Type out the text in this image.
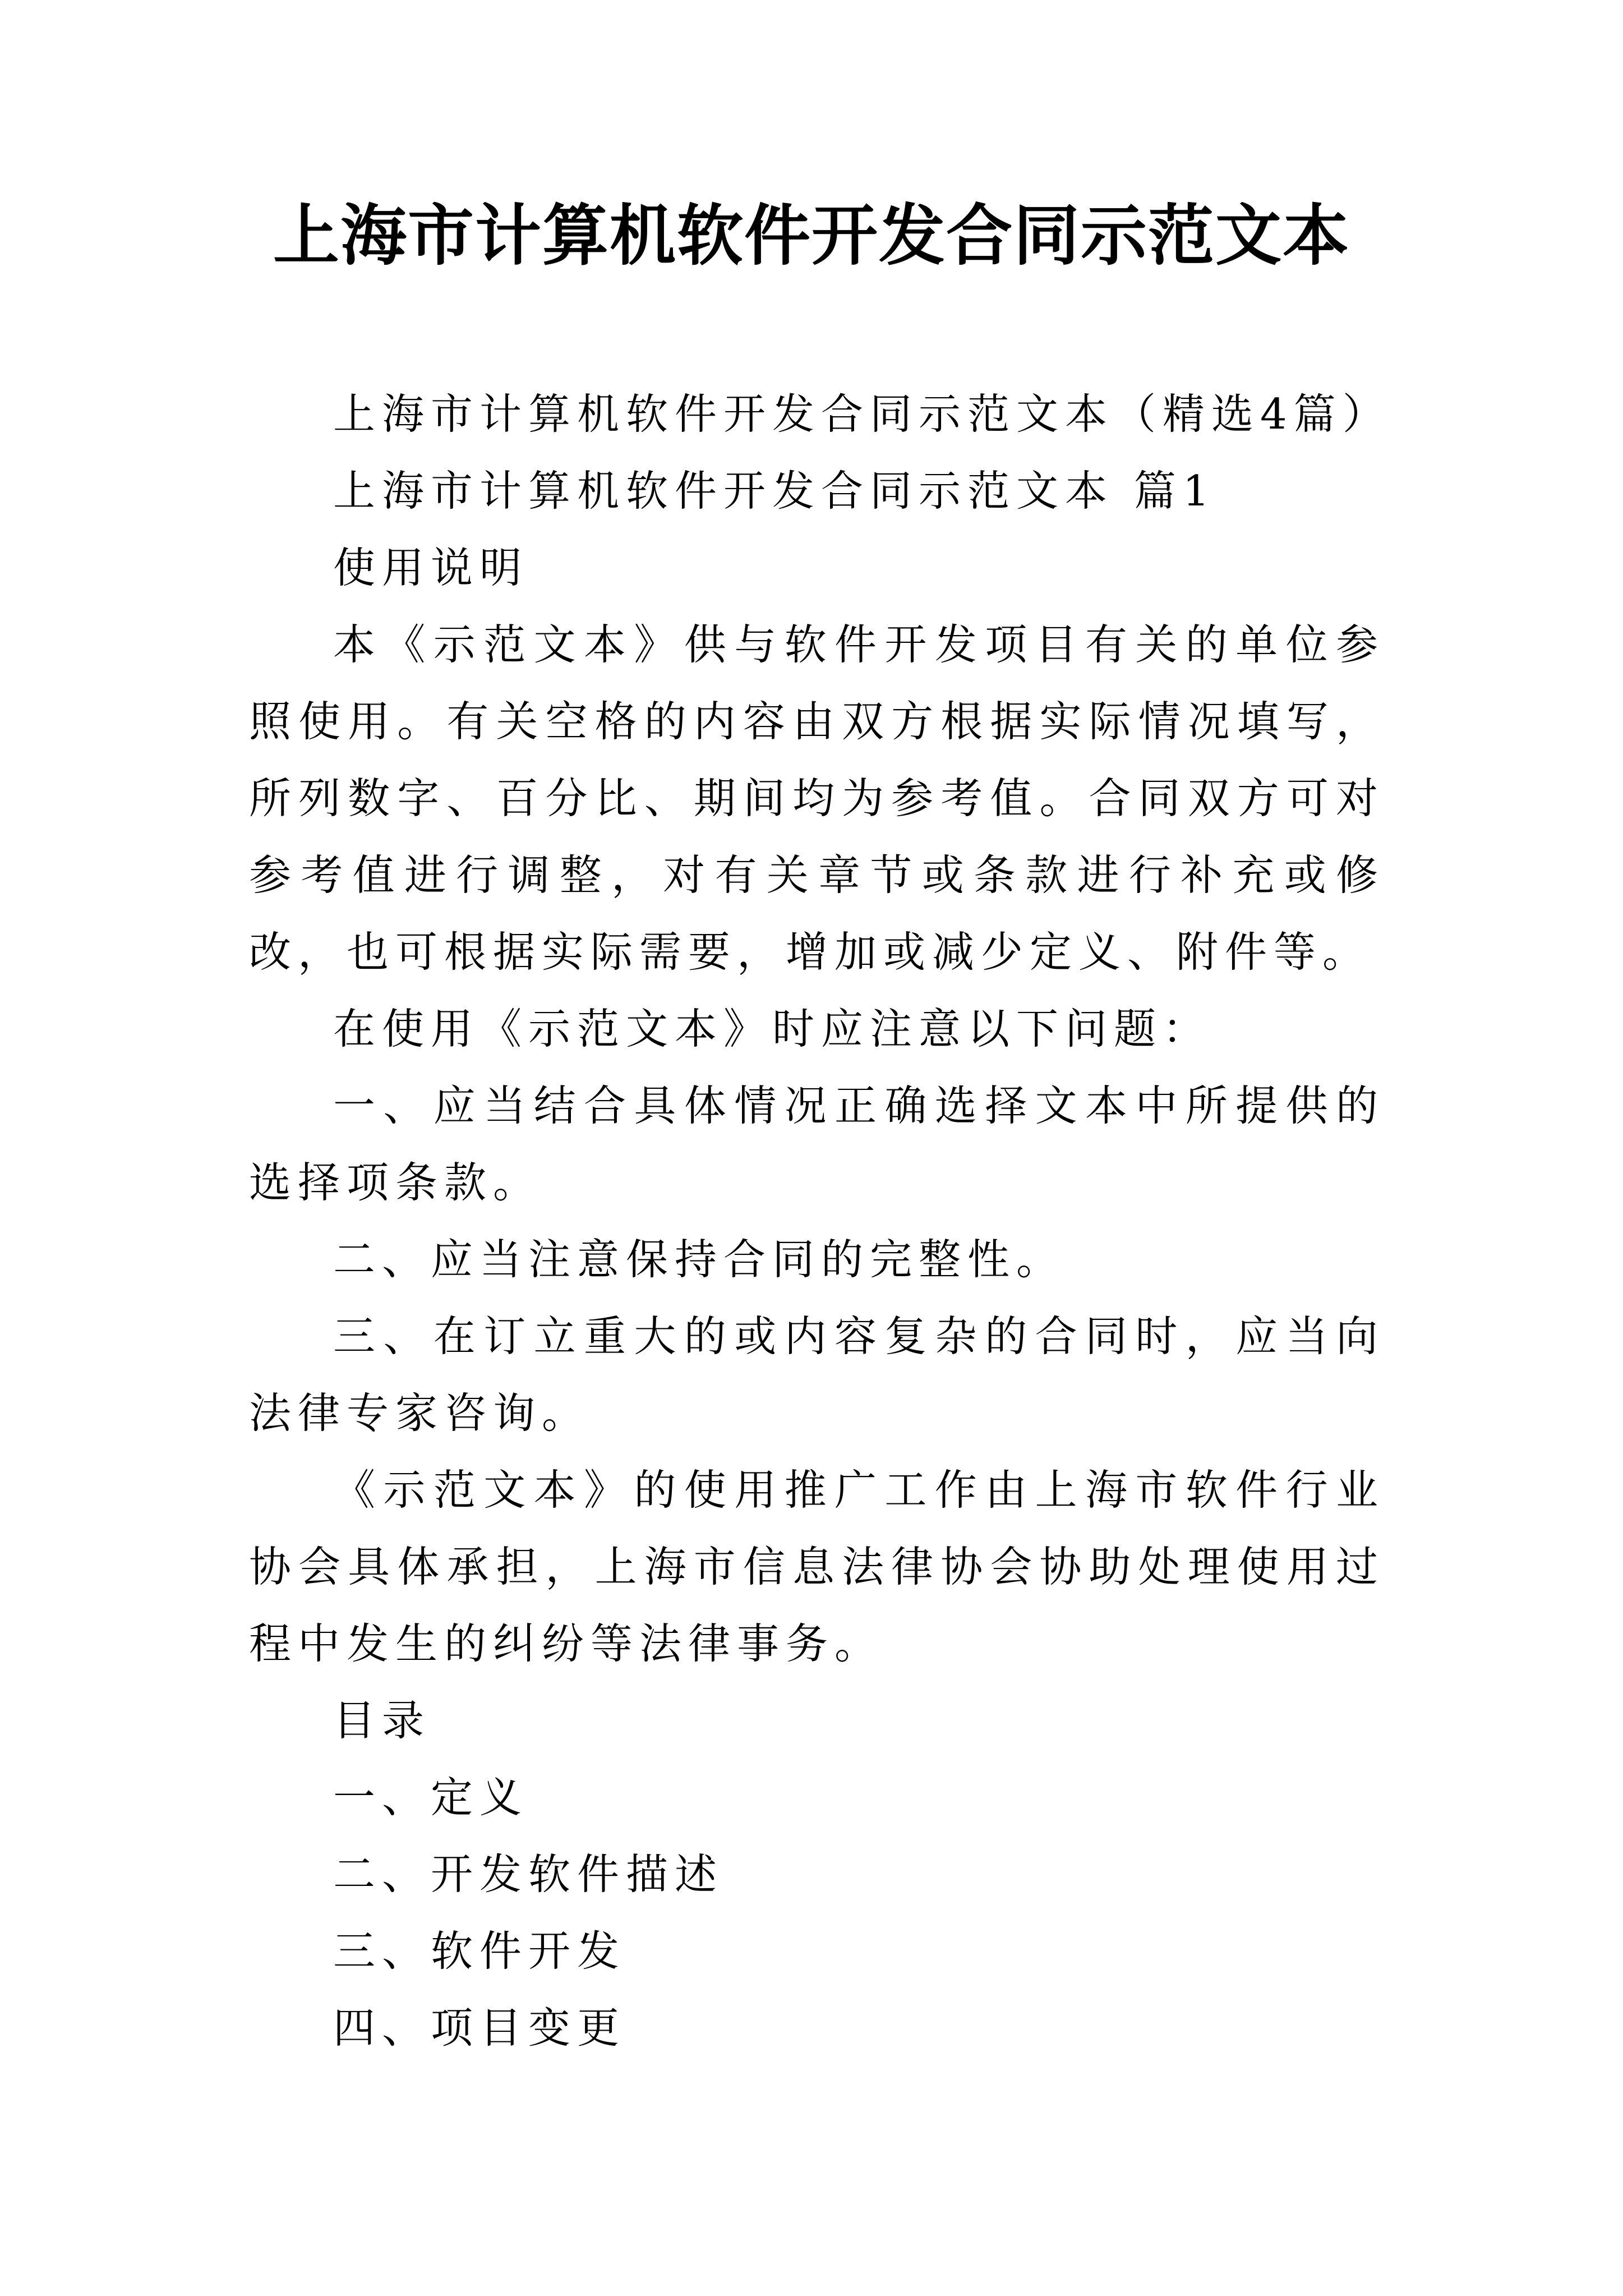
上海市计算机软件开发合同示范文本

上海市计算机软件开发合同示范文本（精选4篇）

上海市计算机软件开发合同示范文本 篇1

使用说明

本《示范文本》供与软件开发项目有关的单位参照使用。有关空格的内容由双方根据实际情况填写，所列数字、百分比、期间均为参考值。合同双方可对参考值进行调整，对有关章节或条款进行补充或修改，也可根据实际需要，增加或减少定义、附件等。

在使用《示范文本》时应注意以下问题：

一、应当结合具体情况正确选择文本中所提供的选择项条款。

二、应当注意保持合同的完整性。

三、在订立重大的或内容复杂的合同时，应当向法律专家咨询。

《示范文本》的使用推广工作由上海市软件行业协会具体承担，上海市信息法律协会协助处理使用过程中发生的纠纷等法律事务。

目录

一、定义

二、开发软件描述

三、软件开发

四、项目变更
